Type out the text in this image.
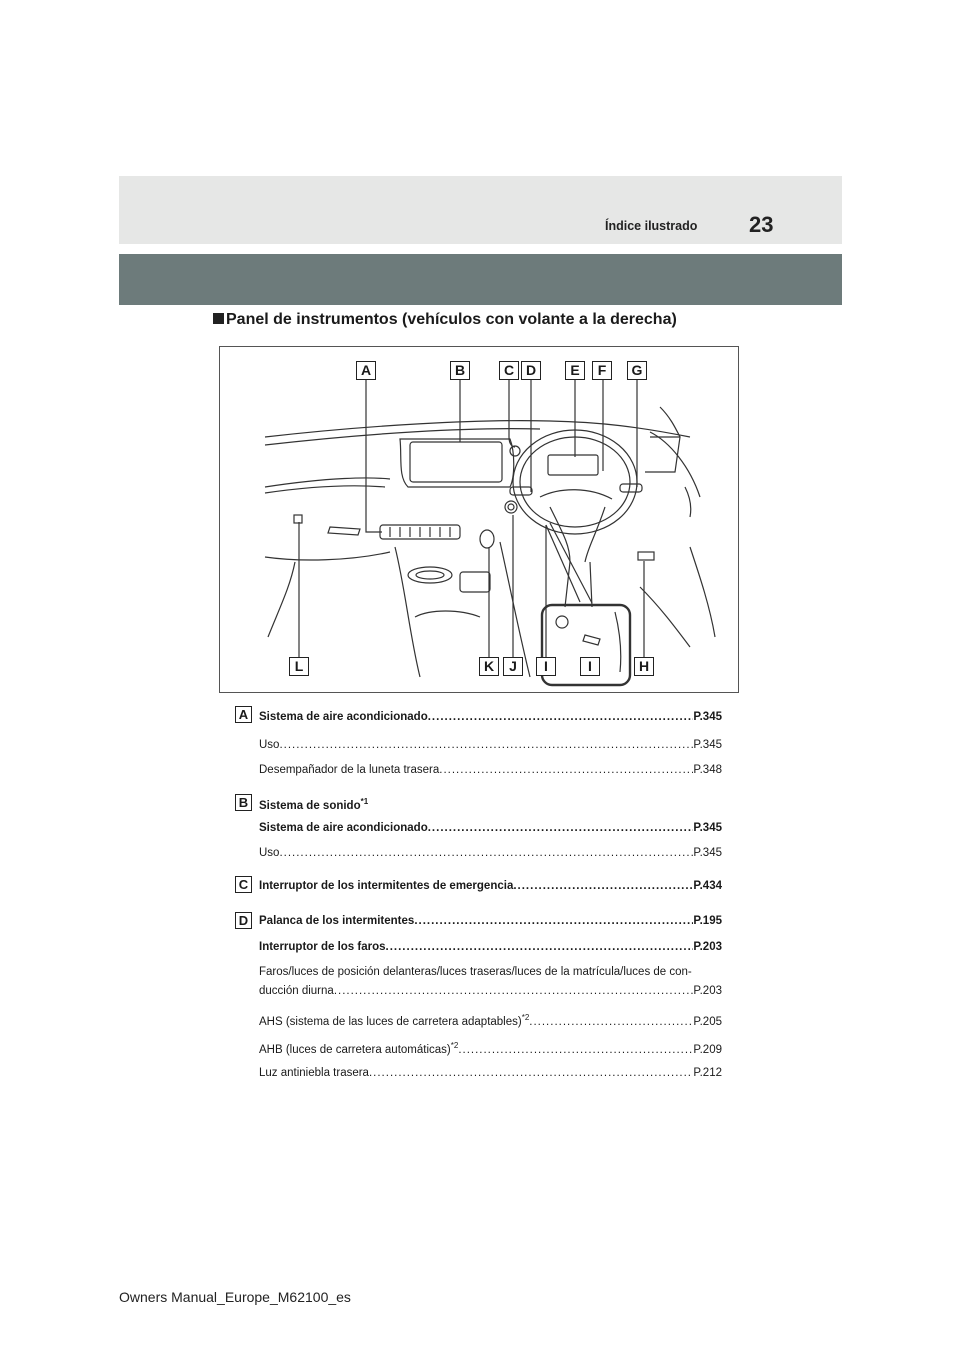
Índice ilustrado 23
Panel de instrumentos (vehículos con volante a la derecha)
A	B	C D	E	F	G
L	K	J	I	I	H
A Sistema de aire acondicionado .....	P.345
Uso .....	P.345
Desempañador de la luneta trasera .....	P.348
B Sistema de sonido$^{*1}$
Sistema de aire acondicionado .....	P.345
Uso .....	P.345
C Interruptor de los intermitentes de emergencia .....	P.434
D Palanca de los intermitentes .....	P.195
Interruptor de los faros .....	P.203
Faros/luces de posición delanteras/luces traseras/luces de la matrícula/luces de con-
ducción diurna .....	P.203
AHS (sistema de las luces de carretera adaptables)$^{*2}$ .....	P.205
AHB (luces de carretera automáticas)$^{*2}$ .....	P.209
Luz antiniebla trasera .....	P.212
Owners Manual_Europe_M62100_es
